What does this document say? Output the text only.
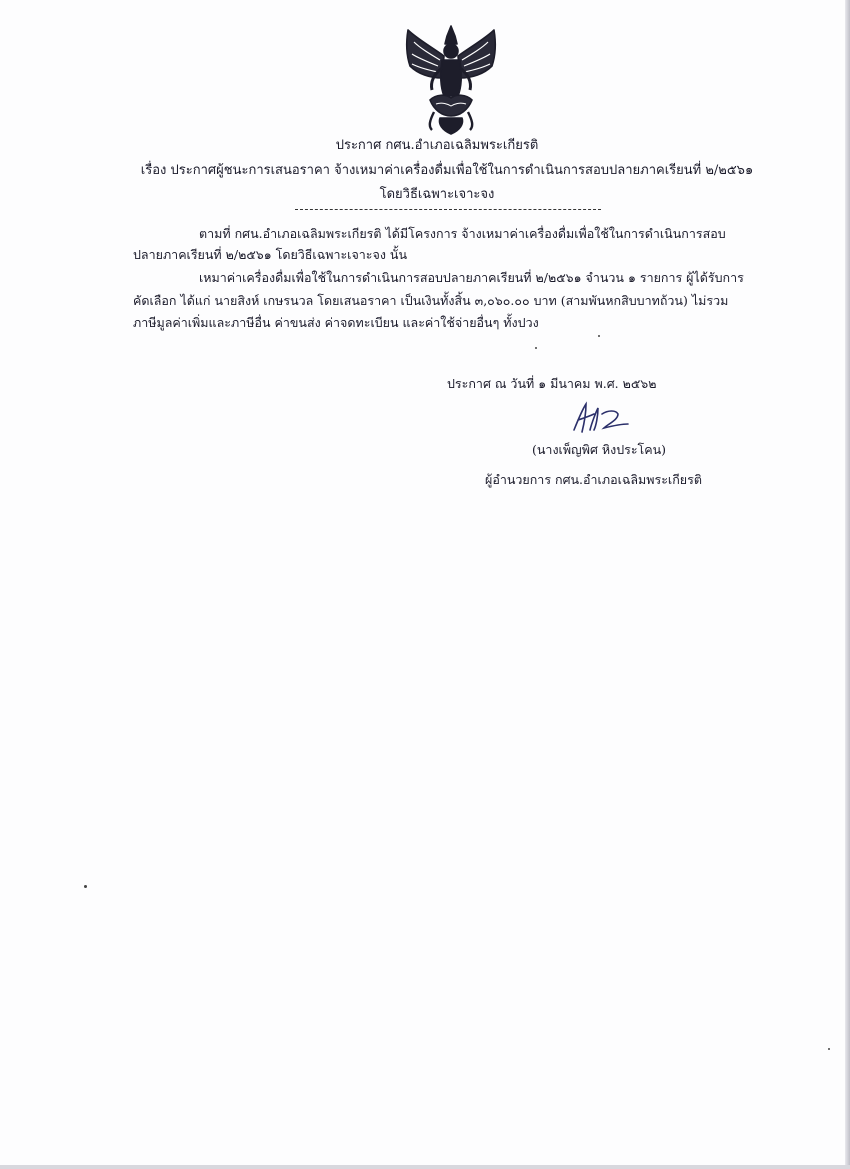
ประกาศ กศน.อำเภอเฉลิมพระเกียรติ
เรื่อง ประกาศผู้ชนะการเสนอราคา จ้างเหมาค่าเครื่องดื่มเพื่อใช้ในการดำเนินการสอบปลายภาคเรียนที่ ๒/๒๕๖๑
โดยวิธีเฉพาะเจาะจง
ตามที่ กศน.อำเภอเฉลิมพระเกียรติ ได้มีโครงการ จ้างเหมาค่าเครื่องดื่มเพื่อใช้ในการดำเนินการสอบ
ปลายภาคเรียนที่ ๒/๒๕๖๑ โดยวิธีเฉพาะเจาะจง นั้น
เหมาค่าเครื่องดื่มเพื่อใช้ในการดำเนินการสอบปลายภาคเรียนที่ ๒/๒๕๖๑ จำนวน ๑ รายการ ผู้ได้รับการ
คัดเลือก ได้แก่ นายสิงห์ เกษรนวล โดยเสนอราคา เป็นเงินทั้งสิ้น ๓,๐๖๐.๐๐ บาท (สามพันหกสิบบาทถ้วน) ไม่รวม
ภาษีมูลค่าเพิ่มและภาษีอื่น ค่าขนส่ง ค่าจดทะเบียน และค่าใช้จ่ายอื่นๆ ทั้งปวง
ประกาศ ณ วันที่ ๑ มีนาคม พ.ศ. ๒๕๖๒
(นางเพ็ญพิศ หิงประโคน)
ผู้อำนวยการ กศน.อำเภอเฉลิมพระเกียรติ
